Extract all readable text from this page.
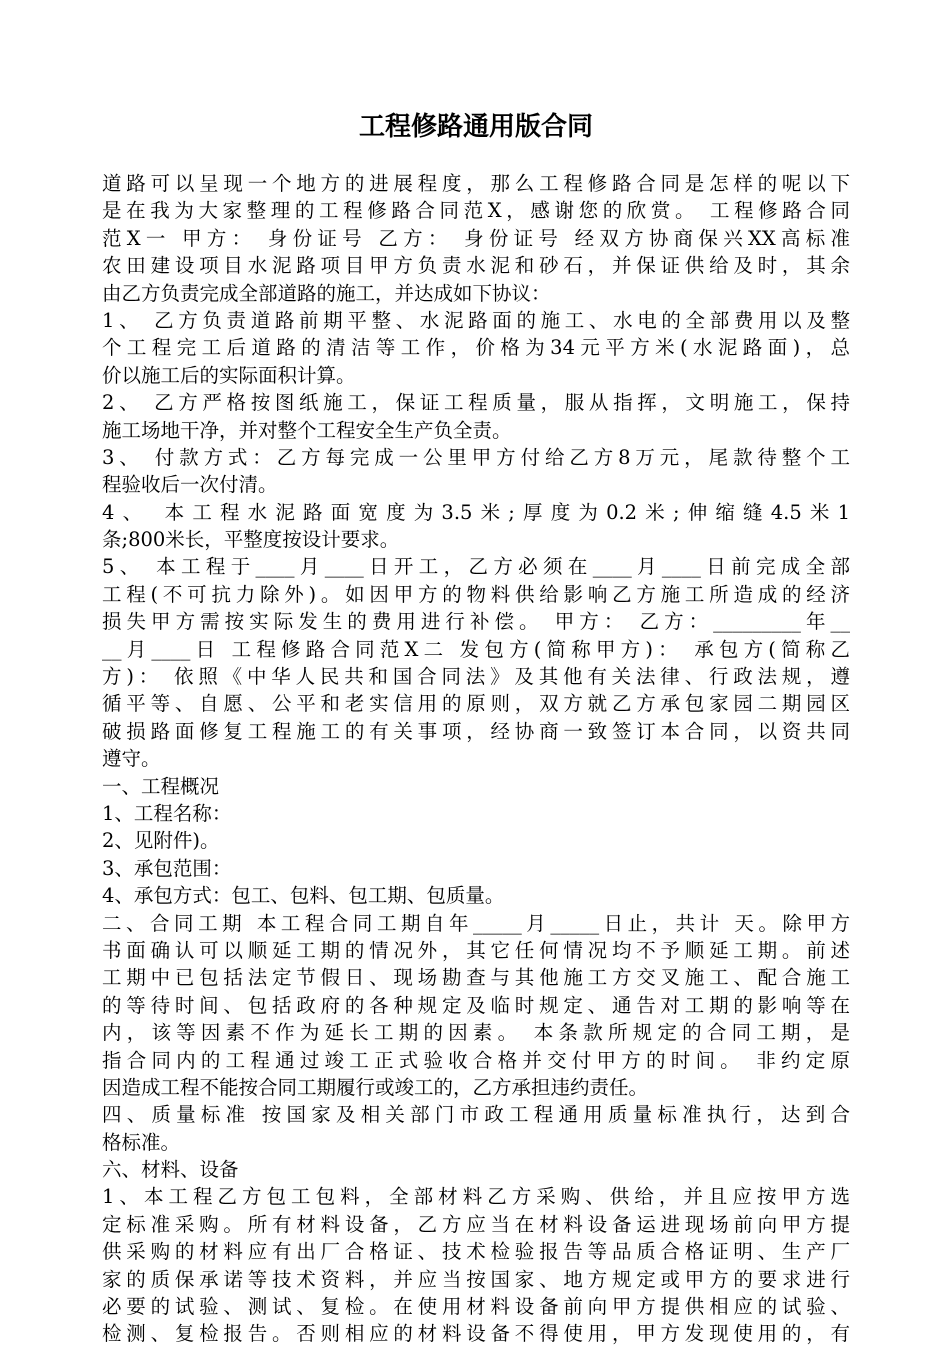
工程修路通用版合同
道路可以呈现一个地方的进展程度，那么工程修路合同是怎样的呢以下
是在我为大家整理的工程修路合同范X，感谢您的欣赏。 工程修路合同
范X一 甲方： 身份证号 乙方： 身份证号 经双方协商保兴XX高标准
农田建设项目水泥路项目甲方负责水泥和砂石，并保证供给及时，其余
由乙方负责完成全部道路的施工，并达成如下协议：
1、 乙方负责道路前期平整、水泥路面的施工、水电的全部费用以及整
个工程完工后道路的清洁等工作，价格为34元平方米(水泥路面)，总
价以施工后的实际面积计算。
2、 乙方严格按图纸施工，保证工程质量，服从指挥，文明施工，保持
施工场地干净，并对整个工程安全生产负全责。
3、 付款方式：乙方每完成一公里甲方付给乙方8万元，尾款待整个工
程验收后一次付清。
4、 本工程水泥路面宽度为3.5米;厚度为0.2米;伸缩缝4.5米1
条;800米长，平整度按设计要求。
5、 本工程于____月____日开工，乙方必须在____月____日前完成全部
工程(不可抗力除外)。如因甲方的物料供给影响乙方施工所造成的经济
损失甲方需按实际发生的费用进行补偿。 甲方： 乙方：_________年__
__月____日 工程修路合同范X二 发包方(简称甲方)： 承包方(简称乙
方)： 依照《中华人民共和国合同法》及其他有关法律、行政法规，遵
循平等、自愿、公平和老实信用的原则，双方就乙方承包家园二期园区
破损路面修复工程施工的有关事项，经协商一致签订本合同，以资共同
遵守。
一、工程概况
1、工程名称：
2、见附件)。
3、承包范围：
4、承包方式：包工、包料、包工期、包质量。
二、合同工期 本工程合同工期自年_____月_____日止，共计 天。除甲方
书面确认可以顺延工期的情况外，其它任何情况均不予顺延工期。前述
工期中已包括法定节假日、现场勘查与其他施工方交叉施工、配合施工
的等待时间、包括政府的各种规定及临时规定、通告对工期的影响等在
内，该等因素不作为延长工期的因素。 本条款所规定的合同工期，是
指合同内的工程通过竣工正式验收合格并交付甲方的时间。 非约定原
因造成工程不能按合同工期履行或竣工的，乙方承担违约责任。
四、质量标准 按国家及相关部门市政工程通用质量标准执行，达到合
格标准。
六、材料、设备
1、本工程乙方包工包料，全部材料乙方采购、供给，并且应按甲方选
定标准采购。所有材料设备，乙方应当在材料设备运进现场前向甲方提
供采购的材料应有出厂合格证、技术检验报告等品质合格证明、生产厂
家的质保承诺等技术资料，并应当按国家、地方规定或甲方的要求进行
必要的试验、测试、复检。在使用材料设备前向甲方提供相应的试验、
检测、复检报告。否则相应的材料设备不得使用，甲方发现使用的，有
